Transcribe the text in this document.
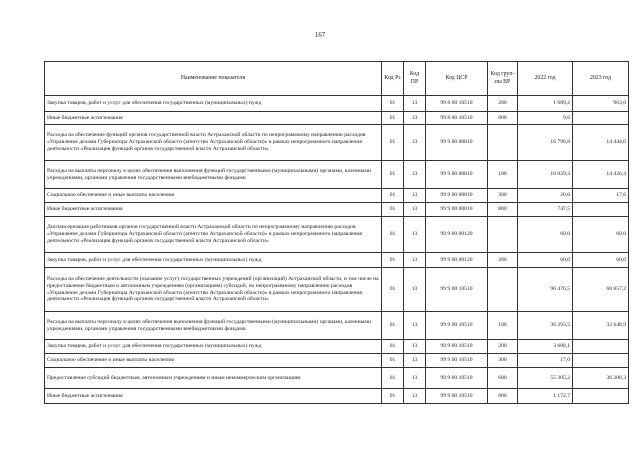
167
Наименование показателя	Код Рз	Код ПР	Код ЦСР	Код груп-пы ВР	2022 год	2023 год
Закупка товаров, работ и услуг для обеспечения государственных (муниципальных) нужд	01	13	99 8 00 10510	200	1 689,2	963,0
Иные бюджетные ассигнования	01	13	99 8 00 10510	800	9,6	
Расходы на обеспечение функций органов государственной власти Астраханской области по непрограммному направлению расходов «Управление делами Губернатора Астраханской области (агентство Астраханской области)» в рамках непрограммного направления деятельности «Реализация функций органов государственной власти Астраханской области»	01	13	99 9 00 00010		16 796,8	14 444,0
Расходы на выплаты персоналу в целях обеспечения выполнения функций государственными (муниципальными) органами, казенными учреждениями, органами управления государственными внебюджетными фондами	01	13	99 9 00 00010	100	16 029,3	14 426,4
Социальное обеспечение и иные выплаты населению	01	13	99 9 00 00010	300	20,0	17,6
Иные бюджетные ассигнования	01	13	99 9 00 00010	800	747,5	
Диспансеризация работников органов государственной власти Астраханской области по непрограммному направлению расходов «Управление делами Губернатора Астраханской области (агентство Астраханской области)» в рамках непрограммного направления деятельности «Реализация функций органов государственной власти Астраханской области»	01	13	99 9 00 00120		60,0	60,0
Закупка товаров, работ и услуг для обеспечения государственных (муниципальных) нужд	01	13	99 9 00 00120	200	60,0	60,0
Расходы на обеспечение деятельности (оказание услуг) государственных учреждений (организаций) Астраханской области, в том числе на предоставление бюджетным и автономным учреждениям (организациям) субсидий, по непрограммному направлению расходов «Управление делами Губернатора Астраханской области (агентство Астраханской области)» в рамках непрограммного направления деятельности «Реализация функций органов государственной власти Астраханской области»	01	13	99 9 00 10510		96 476,5	68 857,2
Расходы на выплаты персоналу в целях обеспечения выполнения функций государственными (муниципальными) органами, казенными учреждениями, органами управления государственными внебюджетными фондами	01	13	99 9 00 10510	100	36 293,5	32 648,9
Закупка товаров, работ и услуг для обеспечения государственных (муниципальных) нужд	01	13	99 9 00 10510	200	3 688,1	
Социальное обеспечение и иные выплаты населению	01	13	99 9 00 10510	300	17,0	
Предоставление субсидий бюджетным, автономным учреждениям и иным некоммерческим организациям	01	13	99 9 00 10510	600	55 305,2	36 208,3
Иные бюджетные ассигнования	01	13	99 9 00 10510	800	1 172,7	
